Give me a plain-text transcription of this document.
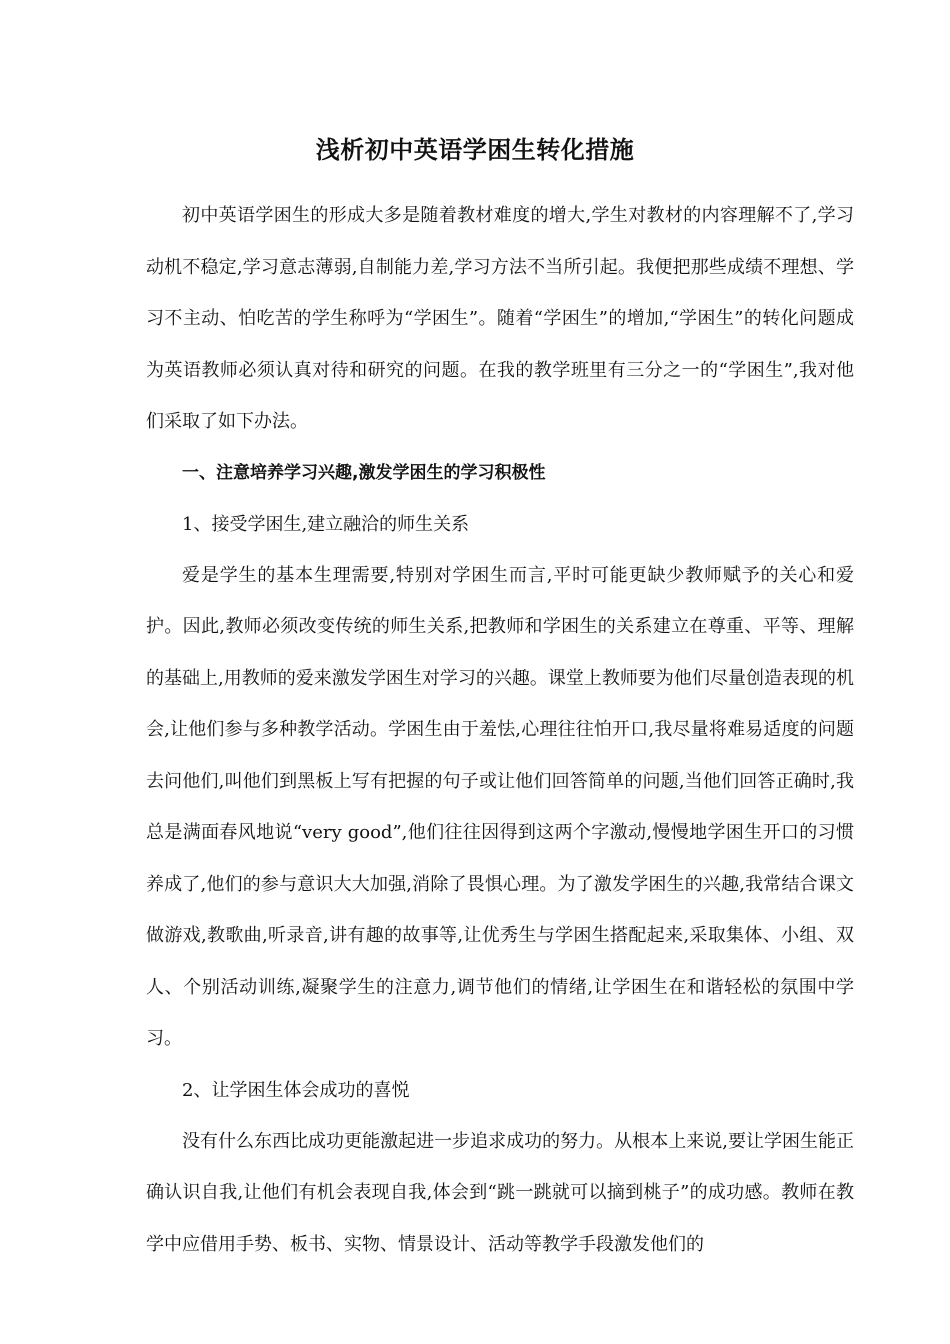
浅析初中英语学困生转化措施

初中英语学困生的形成大多是随着教材难度的增大,学生对教材的内容理解不了,学习动机不稳定,学习意志薄弱,自制能力差,学习方法不当所引起。我便把那些成绩不理想、学习不主动、怕吃苦的学生称呼为“学困生”。随着“学困生”的增加,“学困生”的转化问题成为英语教师必须认真对待和研究的问题。在我的教学班里有三分之一的“学困生”,我对他们采取了如下办法。

一、注意培养学习兴趣,激发学困生的学习积极性

1、接受学困生,建立融洽的师生关系

爱是学生的基本生理需要,特别对学困生而言,平时可能更缺少教师赋予的关心和爱护。因此,教师必须改变传统的师生关系,把教师和学困生的关系建立在尊重、平等、理解的基础上,用教师的爱来激发学困生对学习的兴趣。课堂上教师要为他们尽量创造表现的机会,让他们参与多种教学活动。学困生由于羞怯,心理往往怕开口,我尽量将难易适度的问题去问他们,叫他们到黑板上写有把握的句子或让他们回答简单的问题,当他们回答正确时,我总是满面春风地说“very good”,他们往往因得到这两个字激动,慢慢地学困生开口的习惯养成了,他们的参与意识大大加强,消除了畏惧心理。为了激发学困生的兴趣,我常结合课文做游戏,教歌曲,听录音,讲有趣的故事等,让优秀生与学困生搭配起来,采取集体、小组、双人、个别活动训练,凝聚学生的注意力,调节他们的情绪,让学困生在和谐轻松的氛围中学习。

2、让学困生体会成功的喜悦

没有什么东西比成功更能激起进一步追求成功的努力。从根本上来说,要让学困生能正确认识自我,让他们有机会表现自我,体会到“跳一跳就可以摘到桃子”的成功感。教师在教学中应借用手势、板书、实物、情景设计、活动等教学手段激发他们的
